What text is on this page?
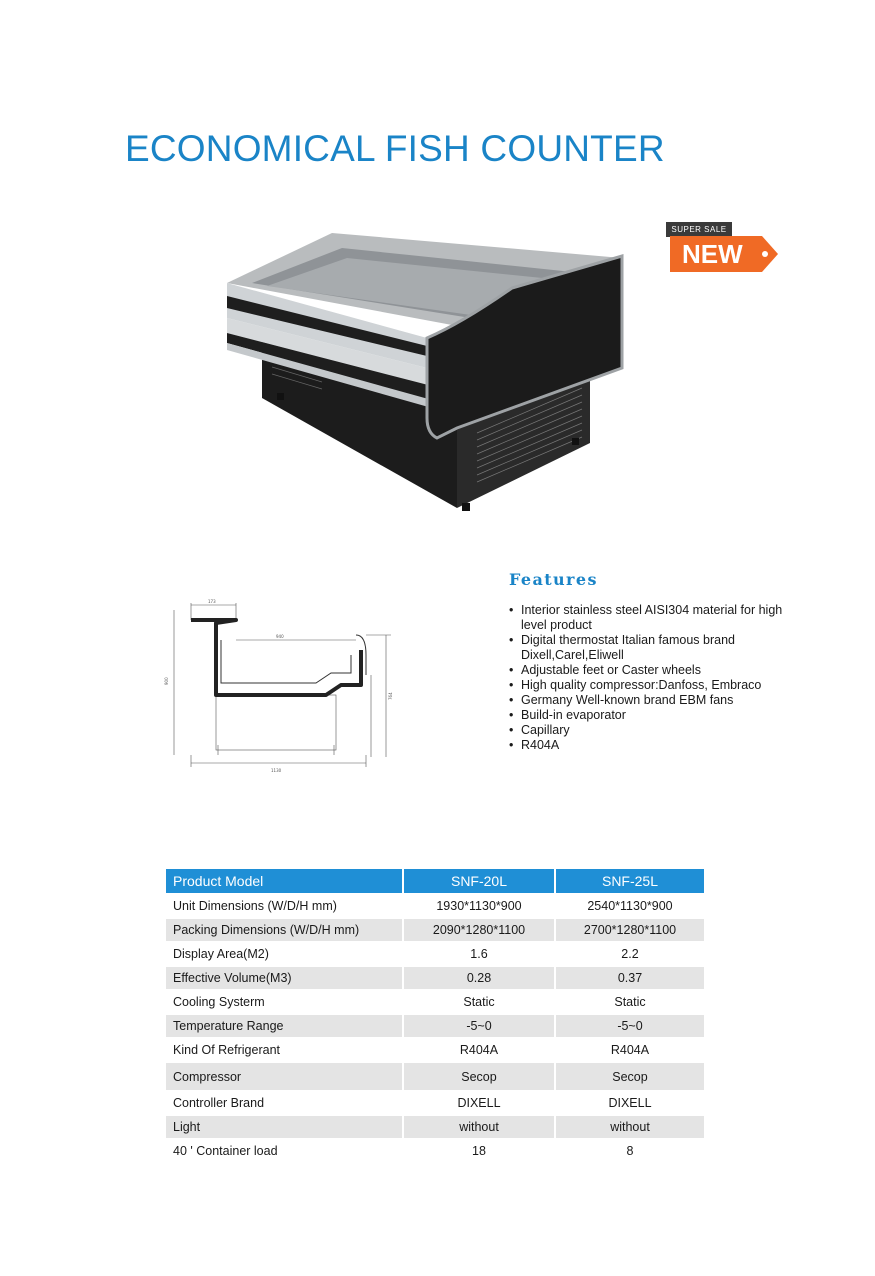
ECONOMICAL FISH COUNTER
SUPER SALE
NEW
173
940
1130
900
764
Features
• Interior stainless steel AISI304 material for high level product
• Digital thermostat Italian famous brand Dixell,Carel,Eliwell
• Adjustable feet or Caster wheels
• High quality compressor:Danfoss, Embraco
• Germany Well-known brand EBM fans
• Build-in evaporator
• Capillary
• R404A
Product Model	SNF-20L	SNF-25L
Unit Dimensions (W/D/H mm)	1930*1130*900	2540*1130*900
Packing Dimensions (W/D/H mm)	2090*1280*1100	2700*1280*1100
Display Area(M2)	1.6	2.2
Effective Volume(M3)	0.28	0.37
Cooling Systerm	Static	Static
Temperature Range	-5~0	-5~0
Kind Of Refrigerant	R404A	R404A
Compressor	Secop	Secop
Controller Brand	DIXELL	DIXELL
Light	without	without
40 ' Container load	18	8
